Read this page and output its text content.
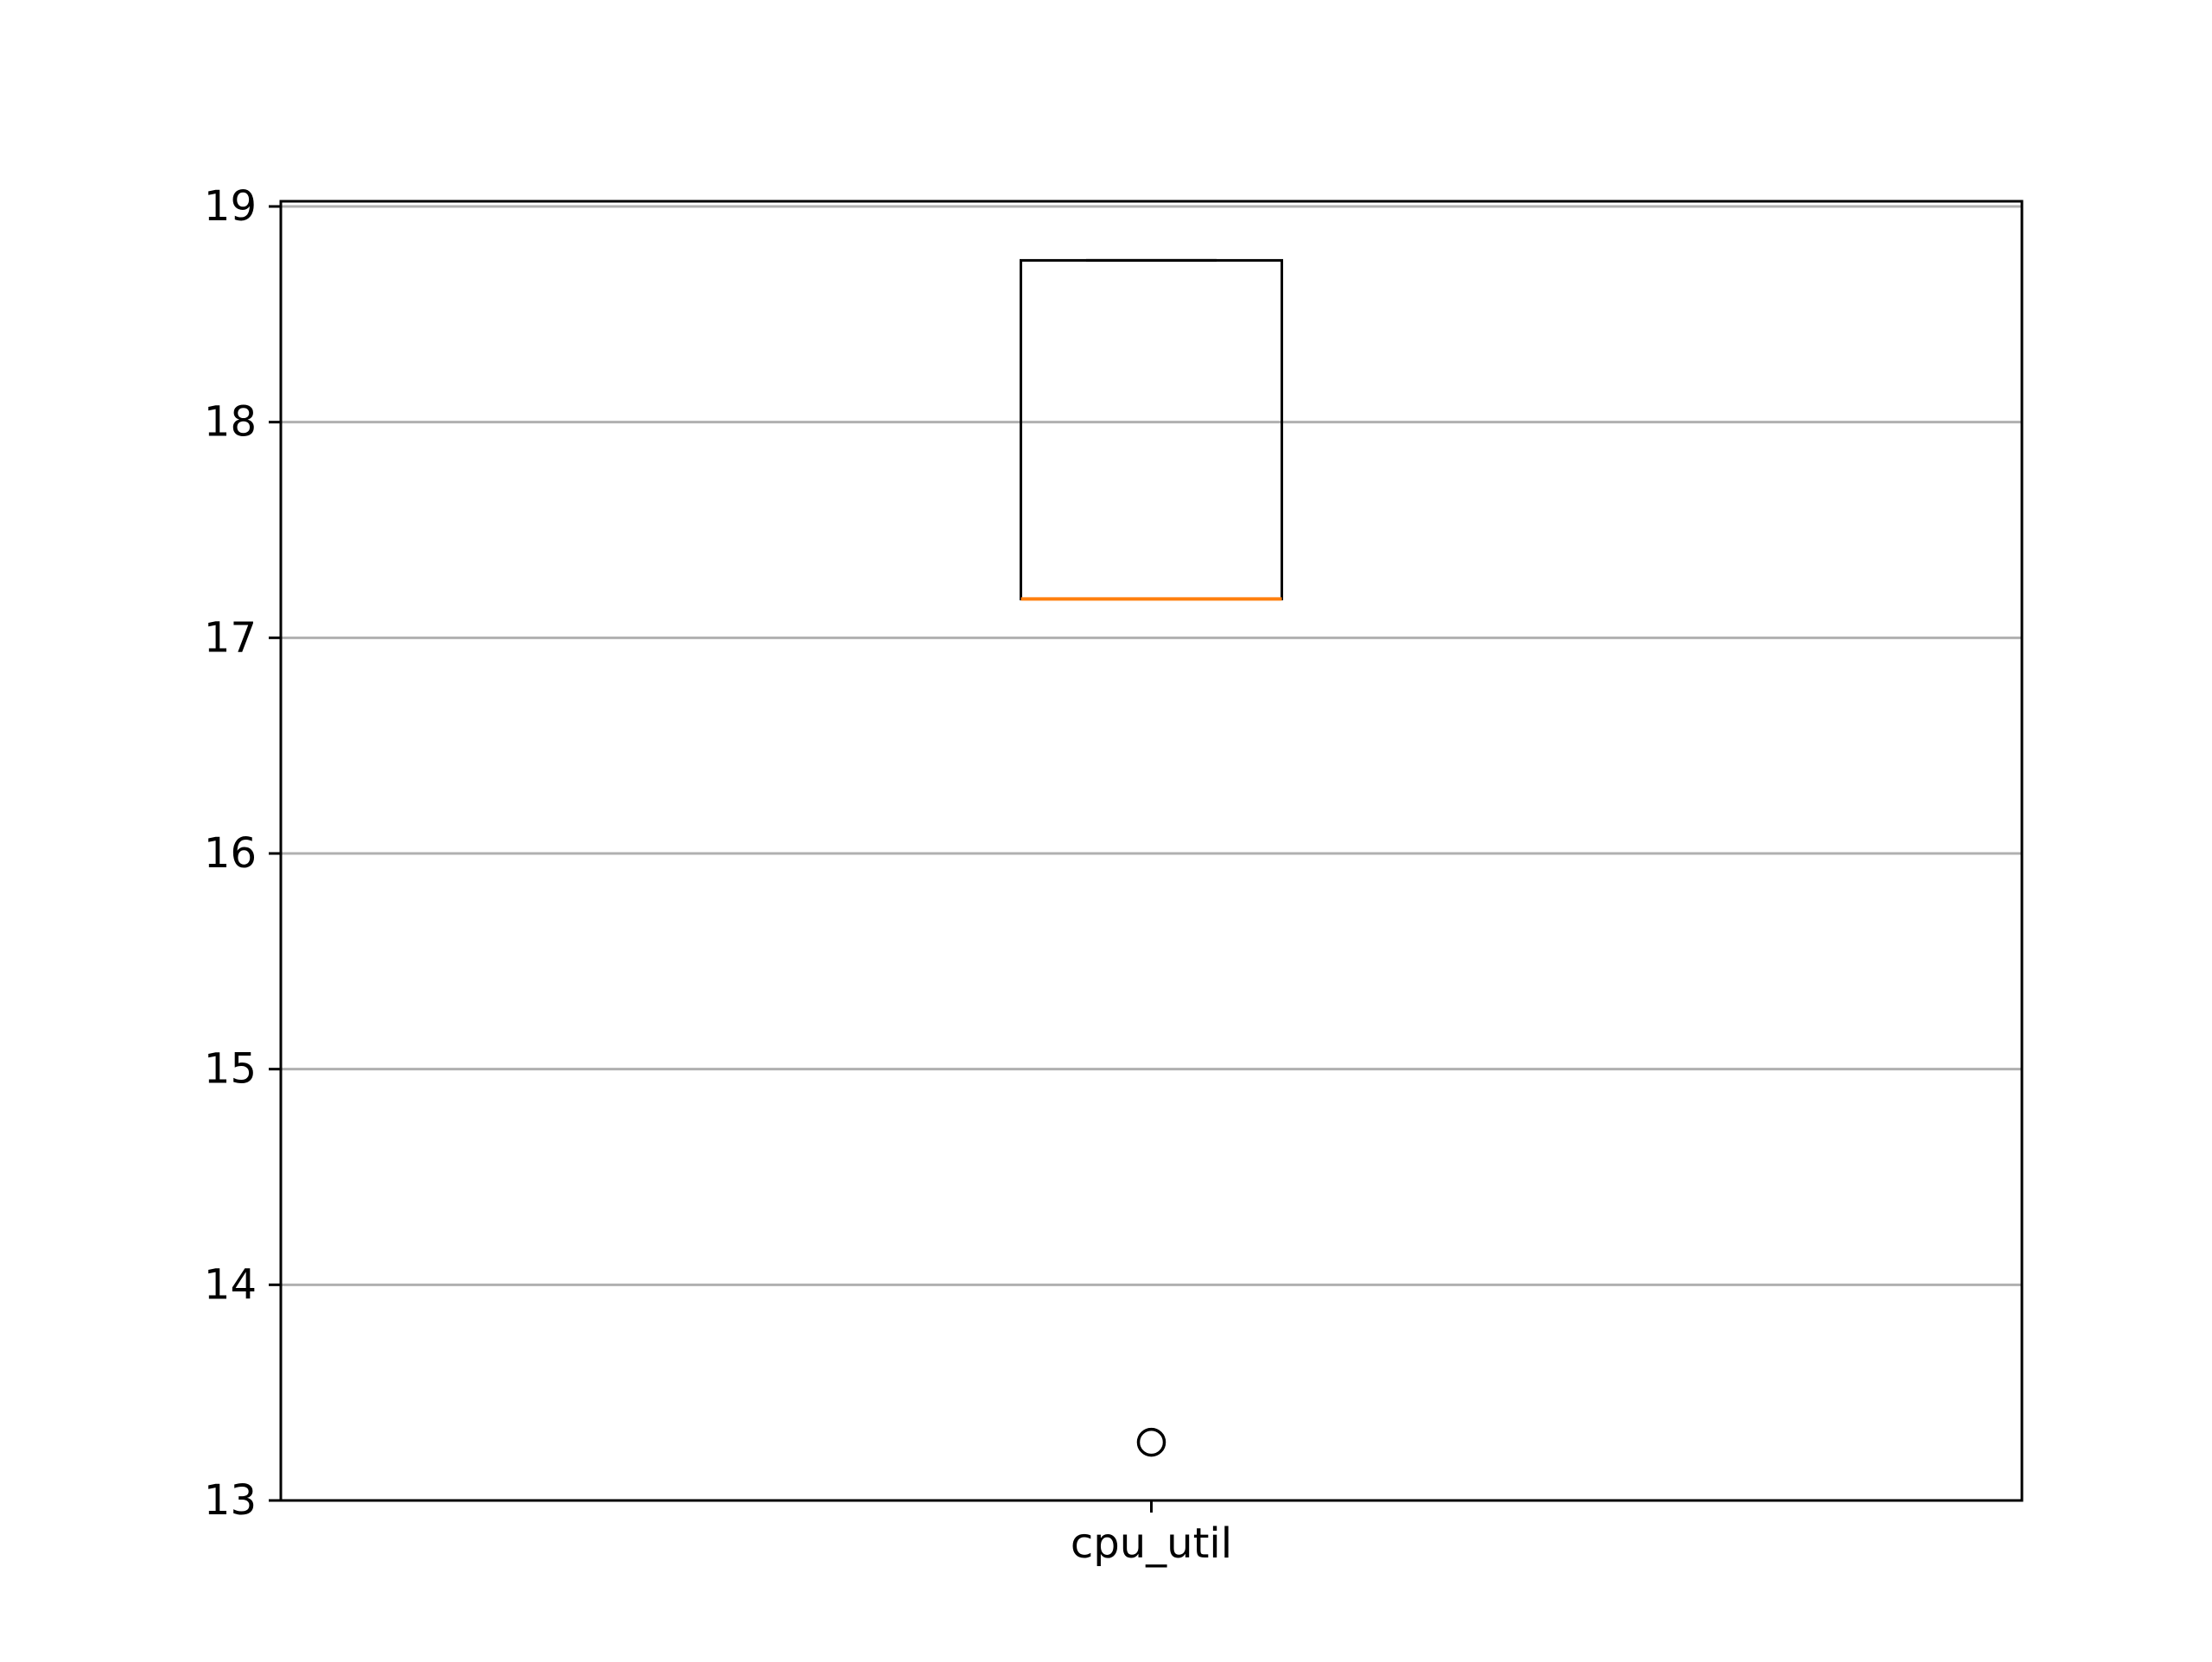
13
14
15
16
17
18
19
cpu_util
